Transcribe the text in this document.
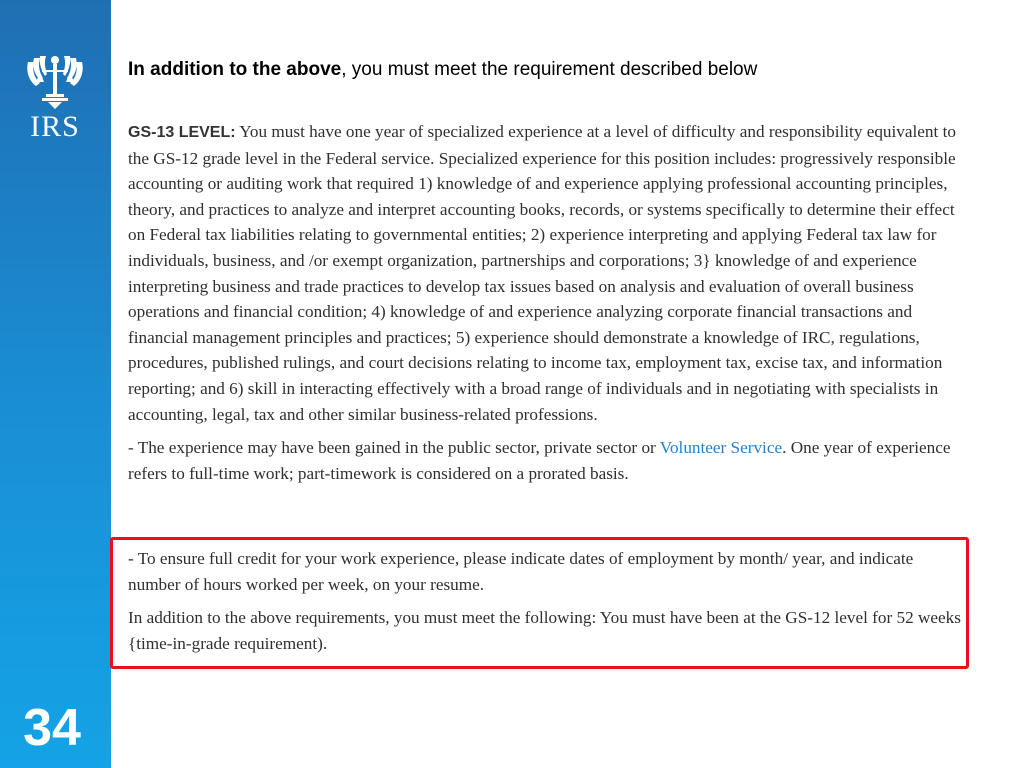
IRS
34
In addition to the above, you must meet the requirement described below

GS-13 LEVEL: You must have one year of specialized experience at a level of difficulty and responsibility equivalent to the GS-12 grade level in the Federal service. Specialized experience for this position includes: progressively responsible accounting or auditing work that required 1) knowledge of and experience applying professional accounting principles, theory, and practices to analyze and interpret accounting books, records, or systems specifically to determine their effect on Federal tax liabilities relating to governmental entities; 2) experience interpreting and applying Federal tax law for individuals, business, and /or exempt organization, partnerships and corporations; 3} knowledge of and experience interpreting business and trade practices to develop tax issues based on analysis and evaluation of overall business operations and financial condition; 4) knowledge of and experience analyzing corporate financial transactions and financial management principles and practices; 5) experience should demonstrate a knowledge of IRC, regulations, procedures, published rulings, and court decisions relating to income tax, employment tax, excise tax, and information reporting; and 6) skill in interacting effectively with a broad range of individuals and in negotiating with specialists in accounting, legal, tax and other similar business-related professions.

- The experience may have been gained in the public sector, private sector or Volunteer Service. One year of experience refers to full-time work; part-timework is considered on a prorated basis.

- To ensure full credit for your work experience, please indicate dates of employment by month/ year, and indicate number of hours worked per week, on your resume.

In addition to the above requirements, you must meet the following: You must have been at the GS-12 level for 52 weeks {time-in-grade requirement).
